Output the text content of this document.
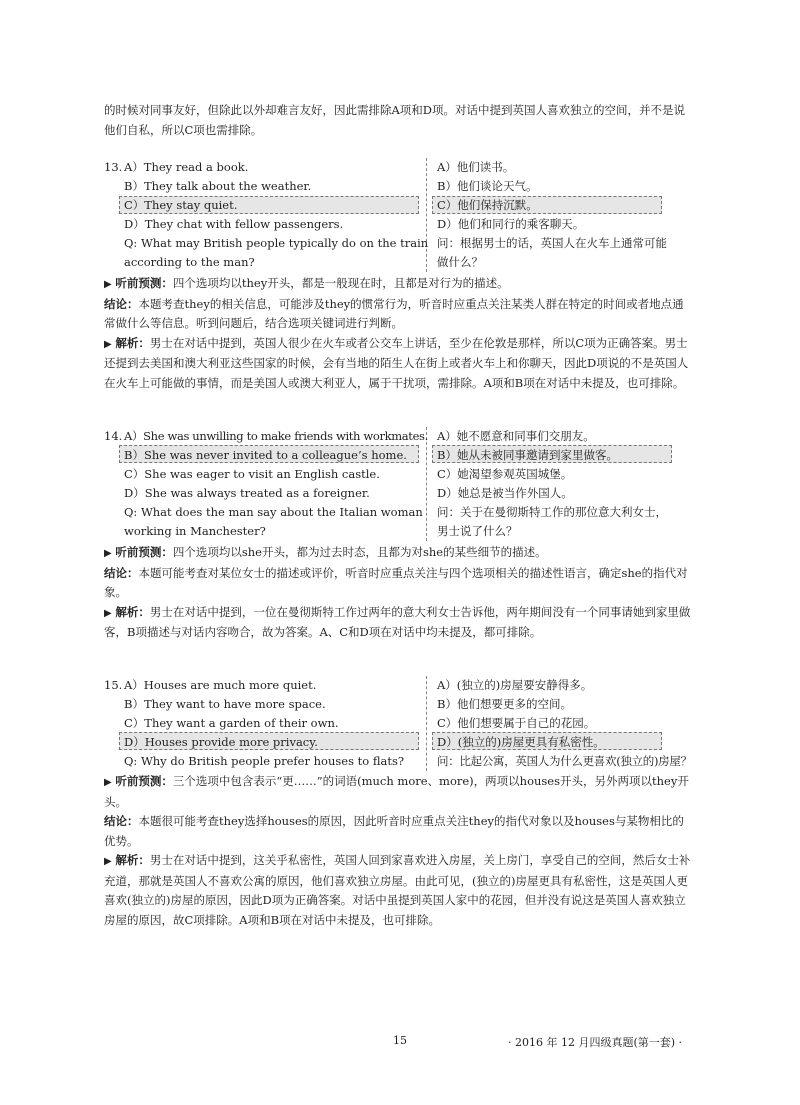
的时候对同事友好，但除此以外却难言友好，因此需排除A项和D项。对话中提到英国人喜欢独立的空间，并不是说他们自私，所以C项也需排除。
13. A）They read a book.	A）他们读书。
B）They talk about the weather.	B）他们谈论天气。
C）They stay quiet.	C）他们保持沉默。
D）They chat with fellow passengers.	D）他们和同行的乘客聊天。
Q: What may British people typically do on the train 问：根据男士的话，英国人在火车上通常可能
according to the man?	做什么？

▶ 听前预测：四个选项均以they开头，都是一般现在时，且都是对行为的描述。

结论：本题考查they的相关信息，可能涉及they的惯常行为，听音时应重点关注某类人群在特定的时间或者地点通常做什么等信息。听到问题后，结合选项关键词进行判断。

▶ 解析：男士在对话中提到，英国人很少在火车或者公交车上讲话，至少在伦敦是那样，所以C项为正确答案。男士还提到去美国和澳大利亚这些国家的时候，会有当地的陌生人在街上或者火车上和你聊天，因此D项说的不是英国人在火车上可能做的事情，而是美国人或澳大利亚人，属于干扰项，需排除。A项和B项在对话中未提及，也可排除。

14. A）She was unwilling to make friends with workmates. A）她不愿意和同事们交朋友。
B）She was never invited to a colleague’s home.	B）她从未被同事邀请到家里做客。
C）She was eager to visit an English castle.	C）她渴望参观英国城堡。
D）She was always treated as a foreigner.	D）她总是被当作外国人。
Q: What does the man say about the Italian woman 问：关于在曼彻斯特工作的那位意大利女士，
working in Manchester?	男士说了什么？

▶ 听前预测：四个选项均以she开头，都为过去时态，且都为对she的某些细节的描述。

结论：本题可能考查对某位女士的描述或评价，听音时应重点关注与四个选项相关的描述性语言，确定she的指代对象。

▶ 解析：男士在对话中提到，一位在曼彻斯特工作过两年的意大利女士告诉他，两年期间没有一个同事请她到家里做客，B项描述与对话内容吻合，故为答案。A、C和D项在对话中均未提及，都可排除。

15. A）Houses are much more quiet.	A）(独立的)房屋要安静得多。
B）They want to have more space.	B）他们想要更多的空间。
C）They want a garden of their own.	C）他们想要属于自己的花园。
D）Houses provide more privacy.	D）(独立的)房屋更具有私密性。
Q: Why do British people prefer houses to flats?	问：比起公寓，英国人为什么更喜欢(独立的)房屋？

▶ 听前预测：三个选项中包含表示“更……”的词语(much more、more)，两项以houses开头，另外两项以they开头。

结论：本题很可能考查they选择houses的原因，因此听音时应重点关注they的指代对象以及houses与某物相比的优势。

▶ 解析：男士在对话中提到，这关乎私密性，英国人回到家喜欢进入房屋，关上房门，享受自己的空间，然后女士补充道，那就是英国人不喜欢公寓的原因，他们喜欢独立房屋。由此可见，(独立的)房屋更具有私密性，这是英国人更喜欢(独立的)房屋的原因，因此D项为正确答案。对话中虽提到英国人家中的花园，但并没有说这是英国人喜欢独立房屋的原因，故C项排除。A项和B项在对话中未提及，也可排除。

15	· 2016 年 12 月四级真题(第一套) ·
